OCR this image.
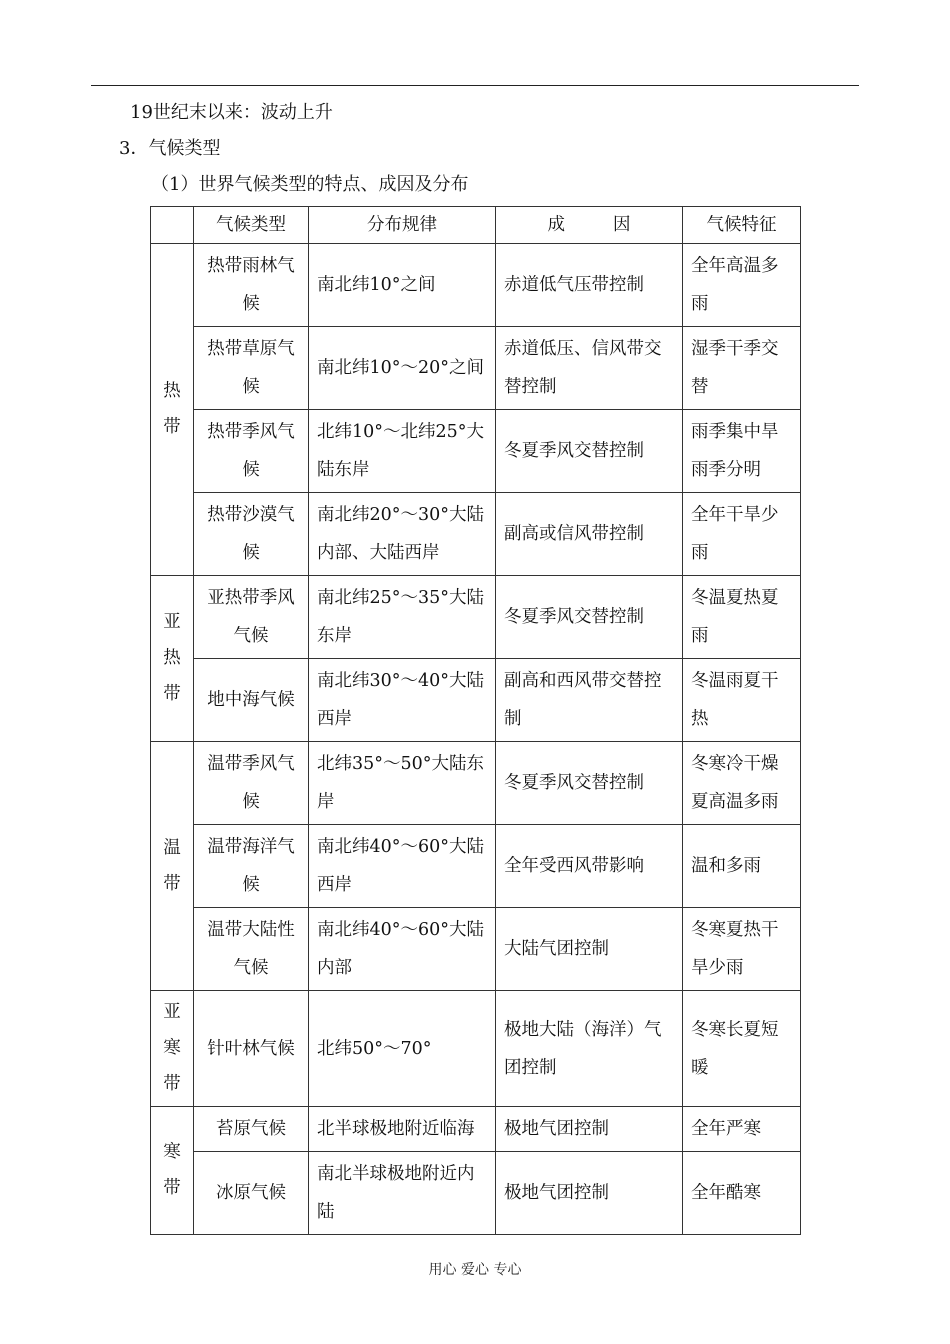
19世纪末以来：波动上升
3．气候类型
（1）世界气候类型的特点、成因及分布
	气候类型	分布规律	成 因	气候特征
热带	热带雨林气候	南北纬10°之间	赤道低气压带控制	全年高温多雨
	热带草原气候	南北纬10°～20°之间	赤道低压、信风带交替控制	湿季干季交替
	热带季风气候	北纬10°～北纬25°大陆东岸	冬夏季风交替控制	雨季集中旱雨季分明
	热带沙漠气候	南北纬20°～30°大陆内部、大陆西岸	副高或信风带控制	全年干旱少雨
亚热带	亚热带季风气候	南北纬25°～35°大陆东岸	冬夏季风交替控制	冬温夏热夏雨
	地中海气候	南北纬30°～40°大陆西岸	副高和西风带交替控制	冬温雨夏干热
温带	温带季风气候	北纬35°～50°大陆东岸	冬夏季风交替控制	冬寒冷干燥夏高温多雨
	温带海洋气候	南北纬40°～60°大陆西岸	全年受西风带影响	温和多雨
	温带大陆性气候	南北纬40°～60°大陆内部	大陆气团控制	冬寒夏热干旱少雨
亚寒带	针叶林气候	北纬50°～70°	极地大陆（海洋）气团控制	冬寒长夏短暖
寒带	苔原气候	北半球极地附近临海	极地气团控制	全年严寒
	冰原气候	南北半球极地附近内陆	极地气团控制	全年酷寒
用心 爱心 专心
